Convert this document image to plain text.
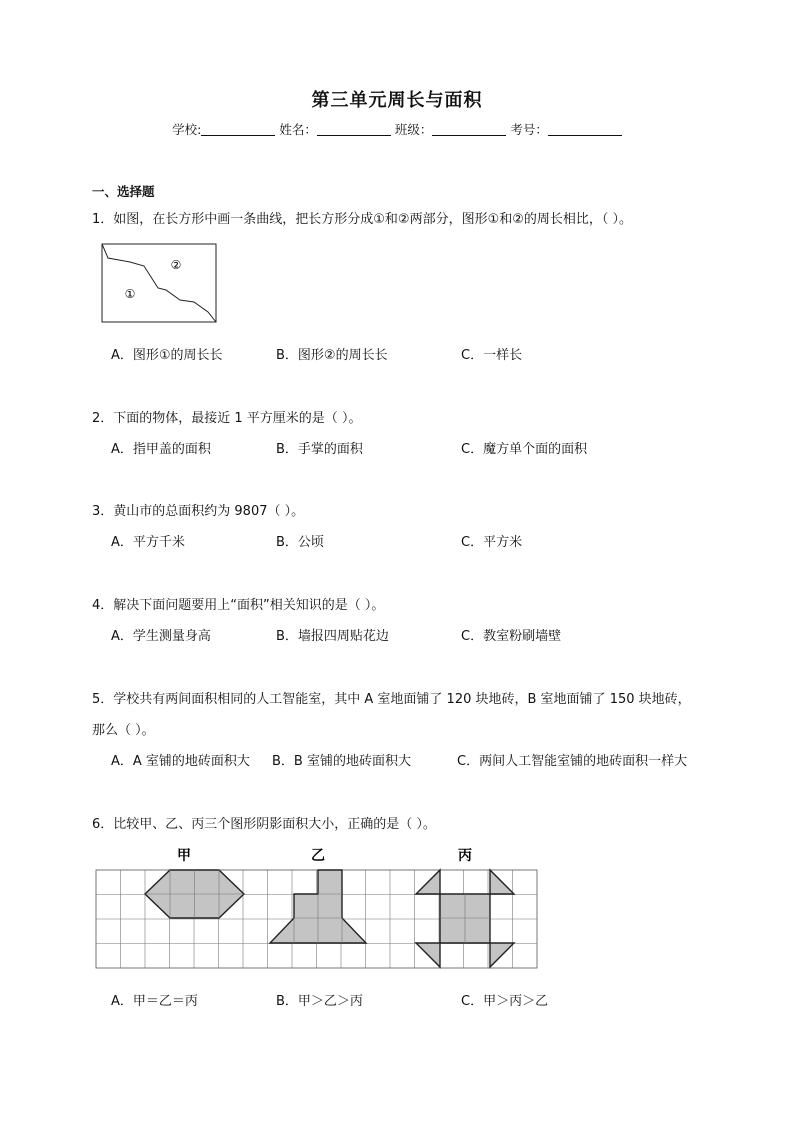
第三单元周长与面积
学校:	姓名：	班级：	考号：
一、选择题
1．如图，在长方形中画一条曲线，把长方形分成①和②两部分，图形①和②的周长相比，（ ）。
②
①
A．图形①的周长长	B．图形②的周长长	C．一样长
2．下面的物体，最接近 1 平方厘米的是（ ）。
A．指甲盖的面积	B．手掌的面积	C．魔方单个面的面积
3．黄山市的总面积约为 9807（ ）。
A．平方千米	B．公顷	C．平方米
4．解决下面问题要用上“面积”相关知识的是（ ）。
A．学生测量身高	B．墙报四周贴花边	C．教室粉刷墙壁
5．学校共有两间面积相同的人工智能室，其中 A 室地面铺了 120 块地砖，B 室地面铺了 150 块地砖，
那么（ ）。
A．A 室铺的地砖面积大 B．B 室铺的地砖面积大	C．两间人工智能室铺的地砖面积一样大
6．比较甲、乙、丙三个图形阴影面积大小，正确的是（ ）。
甲	乙	丙
A．甲＝乙＝丙	B．甲＞乙＞丙	C．甲＞丙＞乙
